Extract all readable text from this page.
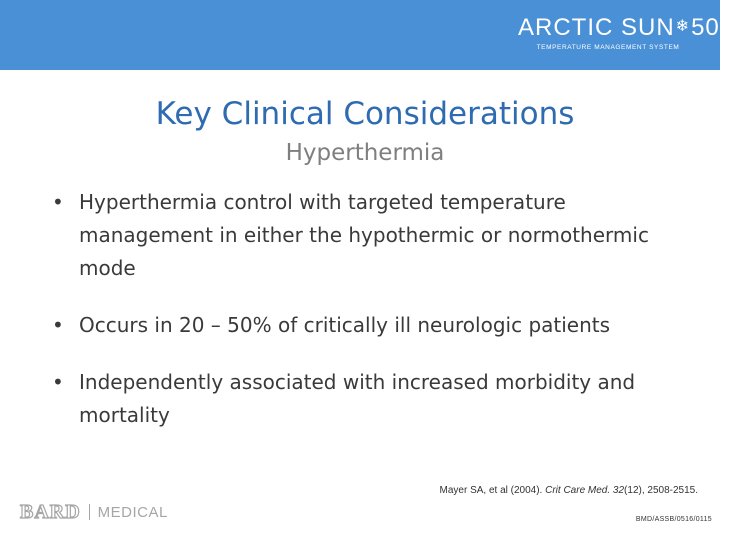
ARCTIC SUN❄5000
TEMPERATURE MANAGEMENT SYSTEM
Key Clinical Considerations
Hyperthermia
• Hyperthermia control with targeted temperature management in either the hypothermic or normothermic mode
• Occurs in 20 – 50% of critically ill neurologic patients
• Independently associated with increased morbidity and mortality
Mayer SA, et al (2004). Crit Care Med. 32(12), 2508-2515.
BMD/ASSB/0516/0115
BARD MEDICAL
